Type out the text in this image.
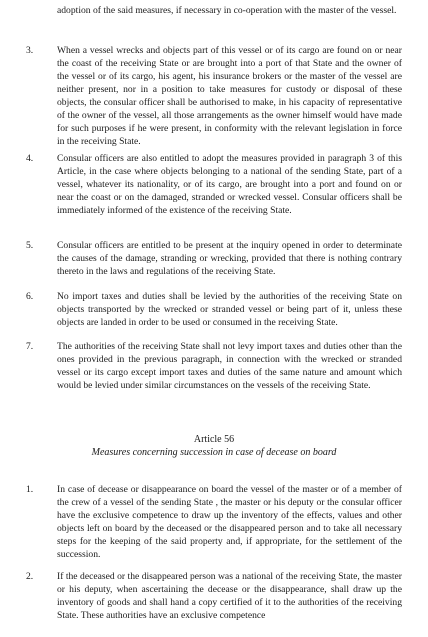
adoption of the said measures, if necessary in co-operation with the master of the vessel.
3.	When a vessel wrecks and objects part of this vessel or of its cargo are found on or near the coast of the receiving State or are brought into a port of that State and the owner of the vessel or of its cargo, his agent, his insurance brokers or the master of the vessel are neither present, nor in a position to take measures for custody or disposal of these objects, the consular officer shall be authorised to make, in his capacity of representative of the owner of the vessel, all those arrangements as the owner himself would have made for such purposes if he were present, in conformity with the relevant legislation in force in the receiving State.
4.	Consular officers are also entitled to adopt the measures provided in paragraph 3 of this Article, in the case where objects belonging to a national of the sending State, part of a vessel, whatever its nationality, or of its cargo, are brought into a port and found on or near the coast or on the damaged, stranded or wrecked vessel. Consular officers shall be immediately informed of the existence of the receiving State.
5.	Consular officers are entitled to be present at the inquiry opened in order to determinate the causes of the damage, stranding or wrecking, provided that there is nothing contrary thereto in the laws and regulations of the receiving State.
6.	No import taxes and duties shall be levied by the authorities of the receiving State on objects transported by the wrecked or stranded vessel or being part of it, unless these objects are landed in order to be used or consumed in the receiving State.
7.	The authorities of the receiving State shall not levy import taxes and duties other than the ones provided in the previous paragraph, in connection with the wrecked or stranded vessel or its cargo except import taxes and duties of the same nature and amount which would be levied under similar circumstances on the vessels of the receiving State.
Article 56
Measures concerning succession in case of decease on board
1.	In case of decease or disappearance on board the vessel of the master or of a member of the crew of a vessel of the sending State , the master or his deputy or the consular officer have the exclusive competence to draw up the inventory of the effects, values and other objects left on board by the deceased or the disappeared person and to take all necessary steps for the keeping of the said property and, if appropriate, for the settlement of the succession.
2.	If the deceased or the disappeared person was a national of the receiving State, the master or his deputy, when ascertaining the decease or the disappearance, shall draw up the inventory of goods and shall hand a copy certified of it to the authorities of the receiving State. These authorities have an exclusive competence
